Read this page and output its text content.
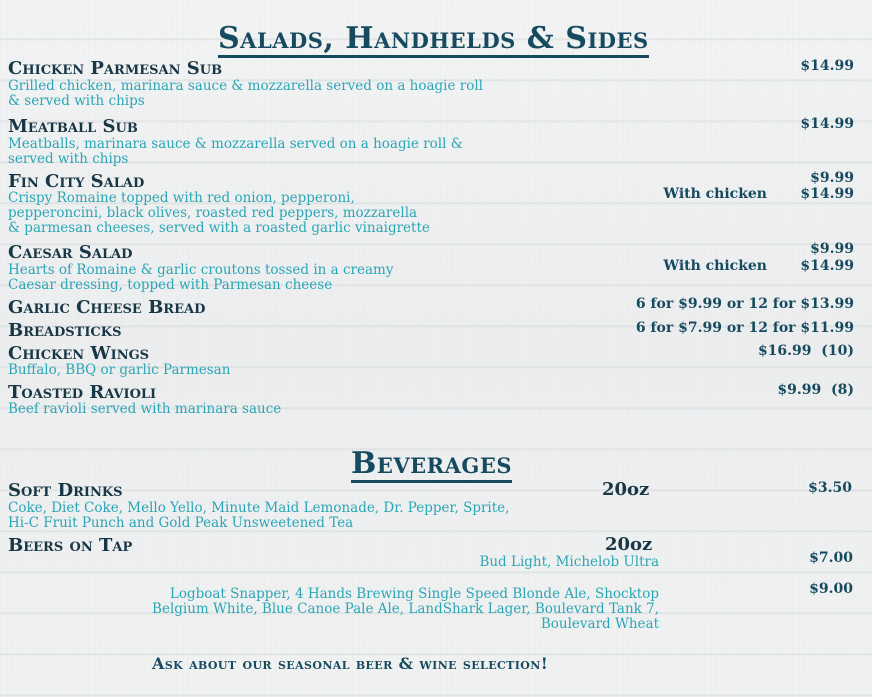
Salads, Handhelds & Sides
Chicken Parmesan Sub
Grilled chicken, marinara sauce & mozzarella served on a hoagie roll
& served with chips
$14.99
Meatball Sub
Meatballs, marinara sauce & mozzarella served on a hoagie roll &
served with chips
$14.99
Fin City Salad
Crispy Romaine topped with red onion, pepperoni,
pepperoncini, black olives, roasted red peppers, mozzarella
& parmesan cheeses, served with a roasted garlic vinaigrette
$9.99
With chicken $14.99
Caesar Salad
Hearts of Romaine & garlic croutons tossed in a creamy
Caesar dressing, topped with Parmesan cheese
$9.99
With chicken $14.99
Garlic Cheese Bread	6 for $9.99 or 12 for $13.99
Breadsticks	6 for $7.99 or 12 for $11.99
Chicken Wings
Buffalo, BBQ or garlic Parmesan
$16.99  (10)
Toasted Ravioli
Beef ravioli served with marinara sauce
$9.99  (8)
Beverages
Soft Drinks	20oz
Coke, Diet Coke, Mello Yello, Minute Maid Lemonade, Dr. Pepper, Sprite,
Hi-C Fruit Punch and Gold Peak Unsweetened Tea
$3.50
Beers on Tap	20oz
Bud Light, Michelob Ultra	$7.00
Logboat Snapper, 4 Hands Brewing Single Speed Blonde Ale, Shocktop
Belgium White, Blue Canoe Pale Ale, LandShark Lager, Boulevard Tank 7,
Boulevard Wheat
$9.00
Ask about our seasonal beer & wine selection!
